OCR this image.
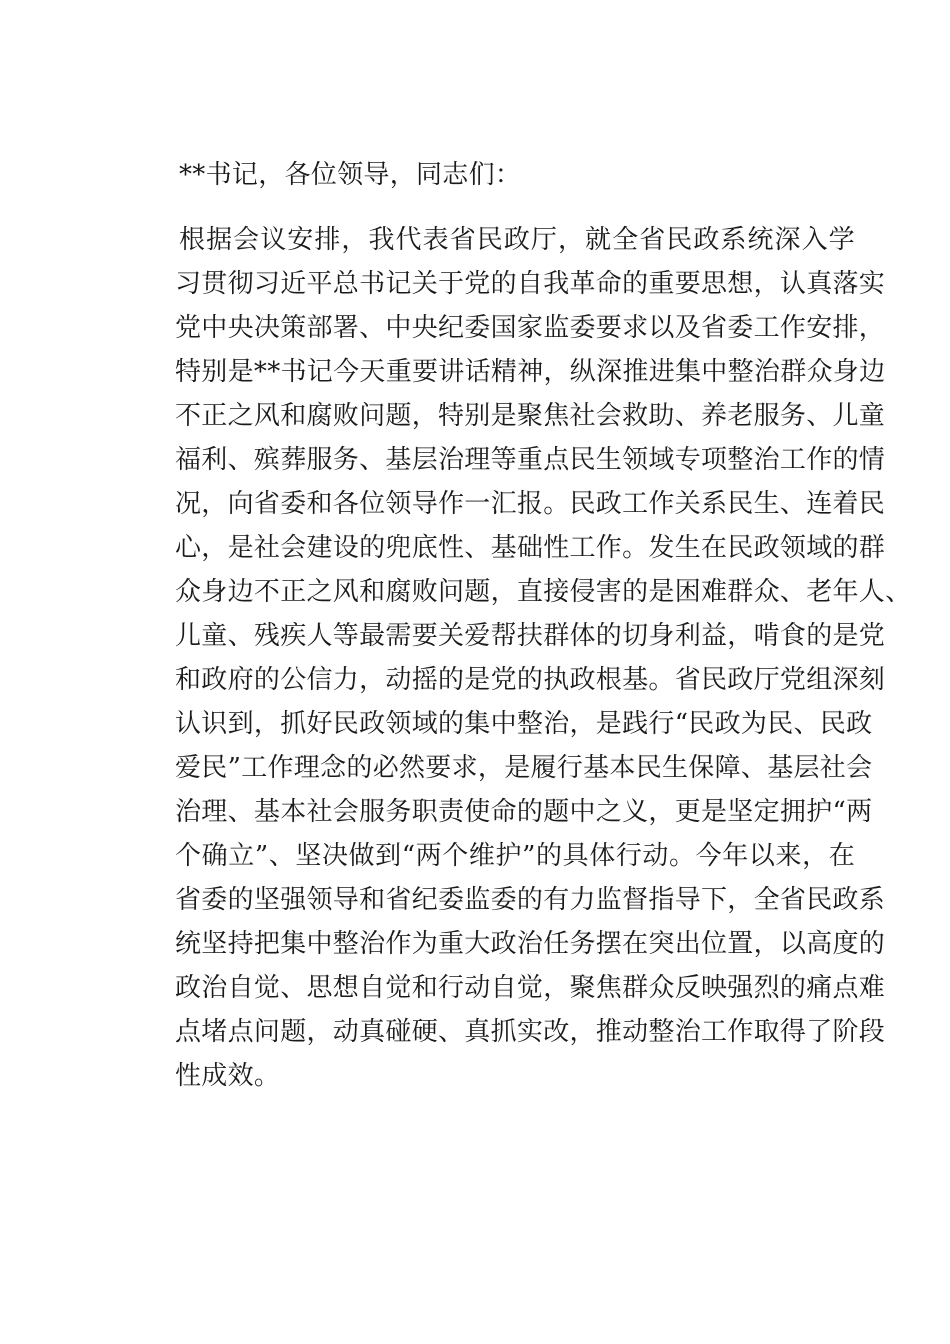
**书记，各位领导，同志们：
根据会议安排，我代表省民政厅，就全省民政系统深入学
习贯彻习近平总书记关于党的自我革命的重要思想，认真落实
党中央决策部署、中央纪委国家监委要求以及省委工作安排，
特别是**书记今天重要讲话精神，纵深推进集中整治群众身边
不正之风和腐败问题，特别是聚焦社会救助、养老服务、儿童
福利、殡葬服务、基层治理等重点民生领域专项整治工作的情
况，向省委和各位领导作一汇报。民政工作关系民生、连着民
心，是社会建设的兜底性、基础性工作。发生在民政领域的群
众身边不正之风和腐败问题，直接侵害的是困难群众、老年人、
儿童、残疾人等最需要关爱帮扶群体的切身利益，啃食的是党
和政府的公信力，动摇的是党的执政根基。省民政厅党组深刻
认识到，抓好民政领域的集中整治，是践行“民政为民、民政
爱民”工作理念的必然要求，是履行基本民生保障、基层社会
治理、基本社会服务职责使命的题中之义，更是坚定拥护“两
个确立”、坚决做到“两个维护”的具体行动。今年以来，在
省委的坚强领导和省纪委监委的有力监督指导下，全省民政系
统坚持把集中整治作为重大政治任务摆在突出位置，以高度的
政治自觉、思想自觉和行动自觉，聚焦群众反映强烈的痛点难
点堵点问题，动真碰硬、真抓实改，推动整治工作取得了阶段
性成效。
